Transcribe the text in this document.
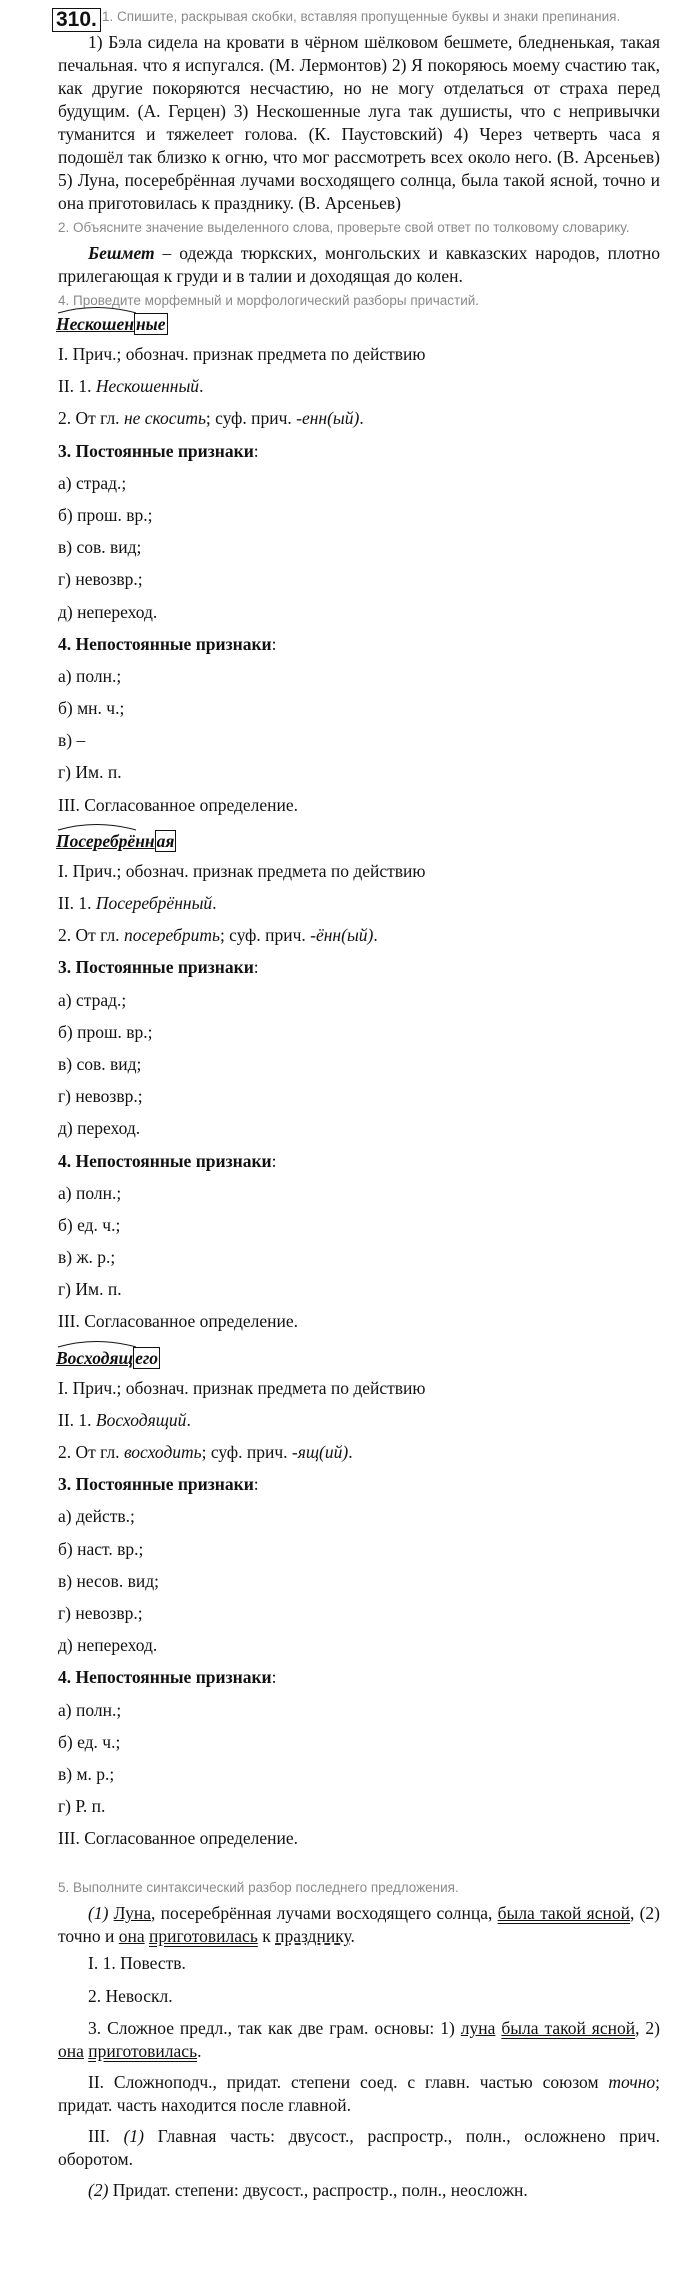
310. 1. Спишите, раскрывая скобки, вставляя пропущенные буквы и знаки препинания.
1) Бэла сидела на кровати в чёрном шёлковом бешмете, бледненькая, такая печальная. что я испугался. (М. Лермонтов) 2) Я покоряюсь моему счастию так, как другие покоряются несчастию, но не могу отделаться от страха перед будущим. (А. Герцен) 3) Нескошенные луга так душисты, что с непривычки туманится и тяжелеет голова. (К. Паустовский) 4) Через четверть часа я подошёл так близко к огню, что мог рассмотреть всех около него. (В. Арсеньев) 5) Луна, посеребрённая лучами восходящего солнца, была такой ясной, точно и она приготовилась к празднику. (В. Арсеньев)
2. Объясните значение выделенного слова, проверьте свой ответ по толковому словарику.
Бешмет – одежда тюркских, монгольских и кавказских народов, плотно прилегающая к груди и в талии и доходящая до колен.
4. Проведите морфемный и морфологический разборы причастий.
Нескошен ные
I. Прич.; обознач. признак предмета по действию
II. 1. Нескошенный.
2. От гл. не скосить; суф. прич. -енн(ый).
3. Постоянные признаки:
а) страд.;
б) прош. вр.;
в) сов. вид;
г) невозвр.;
д) непереход.
4. Непостоянные признаки:
а) полн.;
б) мн. ч.;
в) –
г) Им. п.
III. Согласованное определение.
Посеребрённ ая
I. Прич.; обознач. признак предмета по действию
II. 1. Посеребрённый.
2. От гл. посеребрить; суф. прич. -ённ(ый).
3. Постоянные признаки:
а) страд.;
б) прош. вр.;
в) сов. вид;
г) невозвр.;
д) переход.
4. Непостоянные признаки:
а) полн.;
б) ед. ч.;
в) ж. р.;
г) Им. п.
III. Согласованное определение.
Восходящ его
I. Прич.; обознач. признак предмета по действию
II. 1. Восходящий.
2. От гл. восходить; суф. прич. -ящ(ий).
3. Постоянные признаки:
а) действ.;
б) наст. вр.;
в) несов. вид;
г) невозвр.;
д) непереход.
4. Непостоянные признаки:
а) полн.;
б) ед. ч.;
в) м. р.;
г) Р. п.
III. Согласованное определение.
5. Выполните синтаксический разбор последнего предложения.
(1) Луна, посеребрённая лучами восходящего солнца, была такой ясной, (2) точно и она приготовилась к празднику.
I. 1. Повеств.
2. Невоскл.
3. Сложное предл., так как две грам. основы: 1) луна была такой ясной, 2) она приготовилась.
II. Сложноподч., придат. степени соед. с главн. частью союзом точно; придат. часть находится после главной.
III. (1) Главная часть: двусост., распростр., полн., осложнено прич. оборотом.
(2) Придат. степени: двусост., распростр., полн., неосложн.
